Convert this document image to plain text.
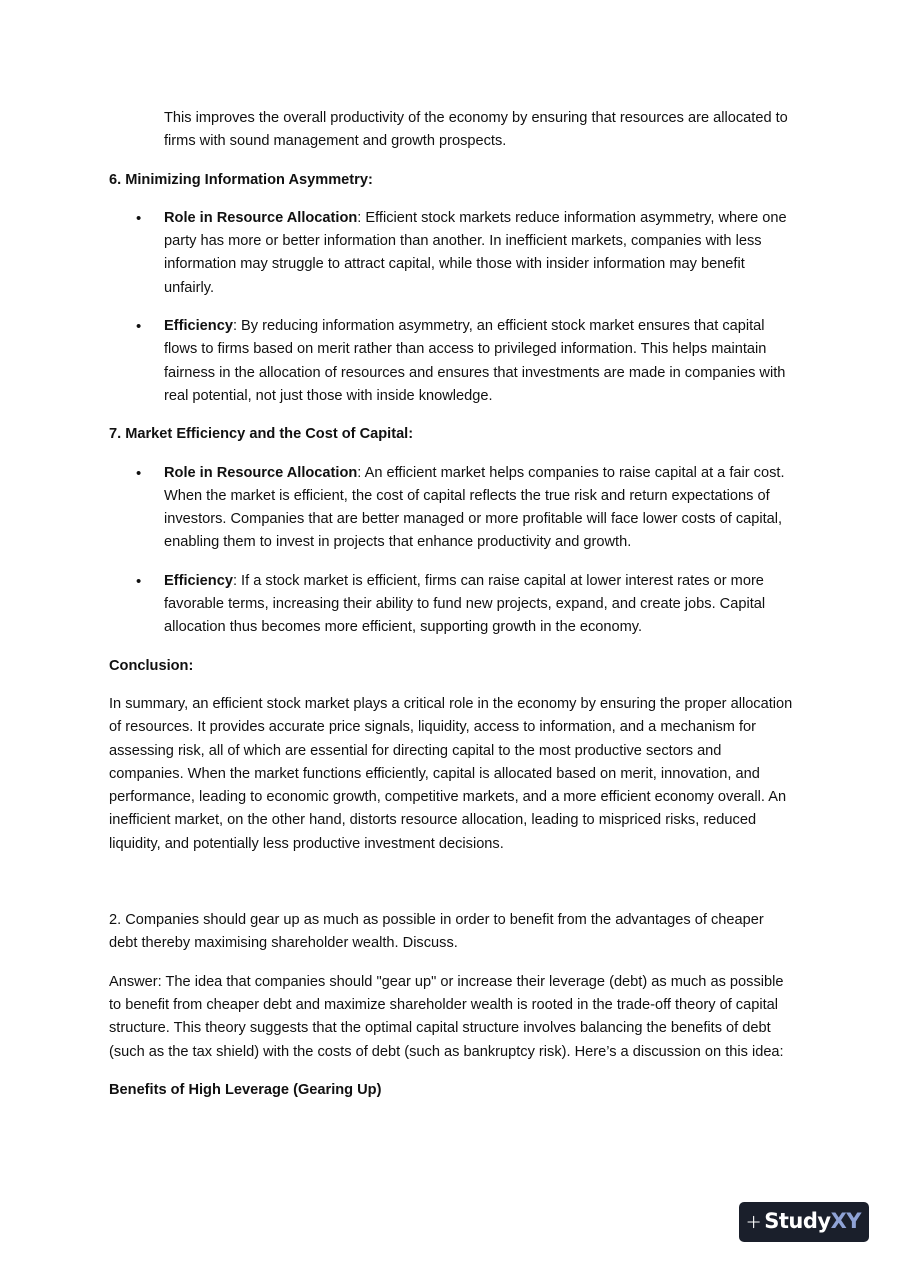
This improves the overall productivity of the economy by ensuring that resources are allocated to firms with sound management and growth prospects.

6. Minimizing Information Asymmetry:

• Role in Resource Allocation: Efficient stock markets reduce information asymmetry, where one party has more or better information than another. In inefficient markets, companies with less information may struggle to attract capital, while those with insider information may benefit unfairly.
• Efficiency: By reducing information asymmetry, an efficient stock market ensures that capital flows to firms based on merit rather than access to privileged information. This helps maintain fairness in the allocation of resources and ensures that investments are made in companies with real potential, not just those with inside knowledge.

7. Market Efficiency and the Cost of Capital:

• Role in Resource Allocation: An efficient market helps companies to raise capital at a fair cost. When the market is efficient, the cost of capital reflects the true risk and return expectations of investors. Companies that are better managed or more profitable will face lower costs of capital, enabling them to invest in projects that enhance productivity and growth.
• Efficiency: If a stock market is efficient, firms can raise capital at lower interest rates or more favorable terms, increasing their ability to fund new projects, expand, and create jobs. Capital allocation thus becomes more efficient, supporting growth in the economy.

Conclusion:

In summary, an efficient stock market plays a critical role in the economy by ensuring the proper allocation of resources. It provides accurate price signals, liquidity, access to information, and a mechanism for assessing risk, all of which are essential for directing capital to the most productive sectors and companies. When the market functions efficiently, capital is allocated based on merit, innovation, and performance, leading to economic growth, competitive markets, and a more efficient economy overall. An inefficient market, on the other hand, distorts resource allocation, leading to mispriced risks, reduced liquidity, and potentially less productive investment decisions.

2. Companies should gear up as much as possible in order to benefit from the advantages of cheaper debt thereby maximising shareholder wealth. Discuss.

Answer: The idea that companies should "gear up" or increase their leverage (debt) as much as possible to benefit from cheaper debt and maximize shareholder wealth is rooted in the trade-off theory of capital structure. This theory suggests that the optimal capital structure involves balancing the benefits of debt (such as the tax shield) with the costs of debt (such as bankruptcy risk). Here’s a discussion on this idea:

Benefits of High Leverage (Gearing Up)

StudyXY
